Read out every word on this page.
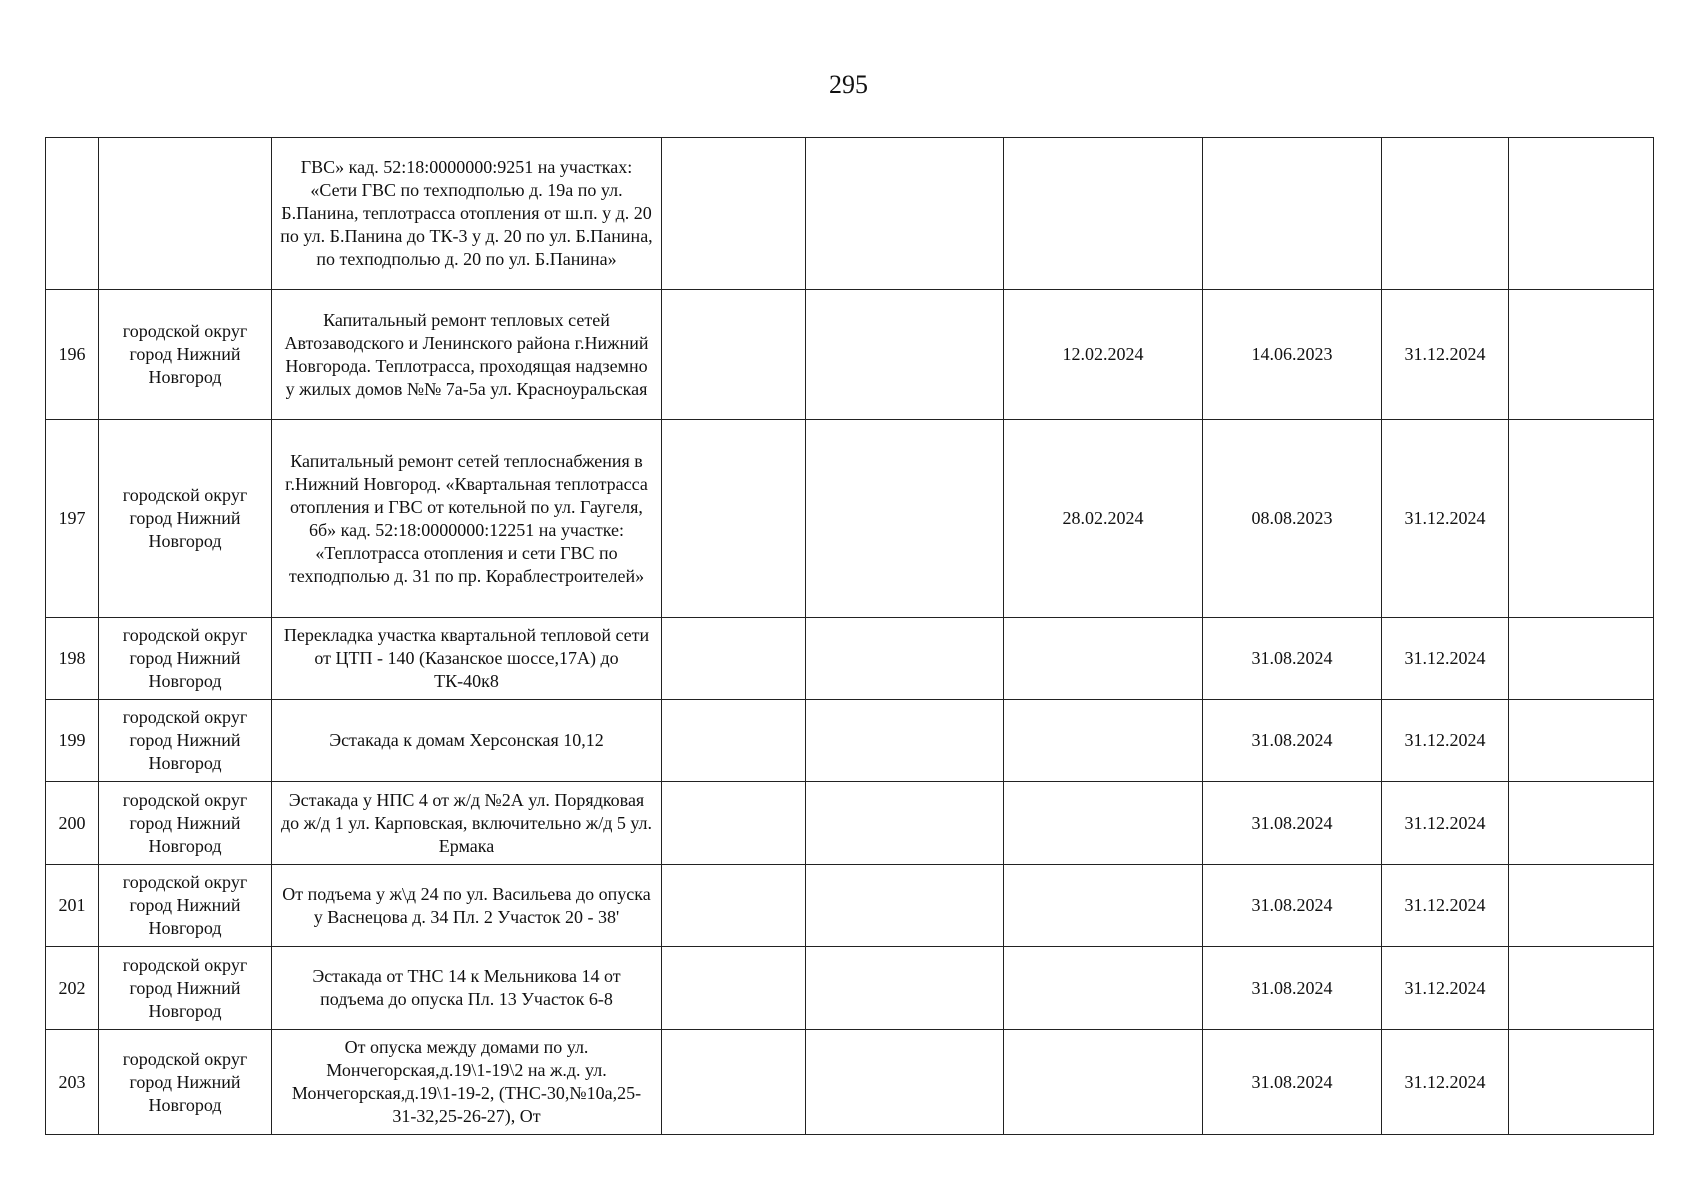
295
		ГВС» кад. 52:18:0000000:9251 на участках: «Сети ГВС по техподполью д. 19а по ул. Б.Панина, теплотрасса отопления от ш.п. у д. 20 по ул. Б.Панина до ТК-3 у д. 20 по ул. Б.Панина, по техподполью д. 20 по ул. Б.Панина»						
196	городской округ город Нижний Новгород	Капитальный ремонт тепловых сетей Автозаводского и Ленинского района г.Нижний Новгорода. Теплотрасса, проходящая надземно у жилых домов №№ 7а-5а ул. Красноуральская			12.02.2024	14.06.2023	31.12.2024	
197	городской округ город Нижний Новгород	Капитальный ремонт сетей теплоснабжения в г.Нижний Новгород. «Квартальная теплотрасса отопления и ГВС от котельной по ул. Гаугеля, 6б» кад. 52:18:0000000:12251 на участке: «Теплотрасса отопления и сети ГВС по техподполью д. 31 по пр. Кораблестроителей»			28.02.2024	08.08.2023	31.12.2024	
198	городской округ город Нижний Новгород	Перекладка участка квартальной тепловой сети от ЦТП - 140 (Казанское шоссе,17А) до ТК-40к8				31.08.2024	31.12.2024	
199	городской округ город Нижний Новгород	Эстакада к домам Херсонская 10,12				31.08.2024	31.12.2024	
200	городской округ город Нижний Новгород	Эстакада у НПС 4 от ж/д №2А ул. Порядковая до ж/д 1 ул. Карповская, включительно ж/д 5 ул. Ермака				31.08.2024	31.12.2024	
201	городской округ город Нижний Новгород	От подъема у ж\д 24 по ул. Васильева до опуска у Васнецова д. 34 Пл. 2 Участок 20 - 38'				31.08.2024	31.12.2024	
202	городской округ город Нижний Новгород	Эстакада от ТНС 14 к Мельникова 14 от подъема до опуска Пл. 13 Участок 6-8				31.08.2024	31.12.2024	
203	городской округ город Нижний Новгород	От опуска между домами по ул. Мончегорская,д.19\1-19\2 на ж.д. ул. Мончегорская,д.19\1-19-2, (ТНС-30,№10а,25-31-32,25-26-27), От				31.08.2024	31.12.2024	
